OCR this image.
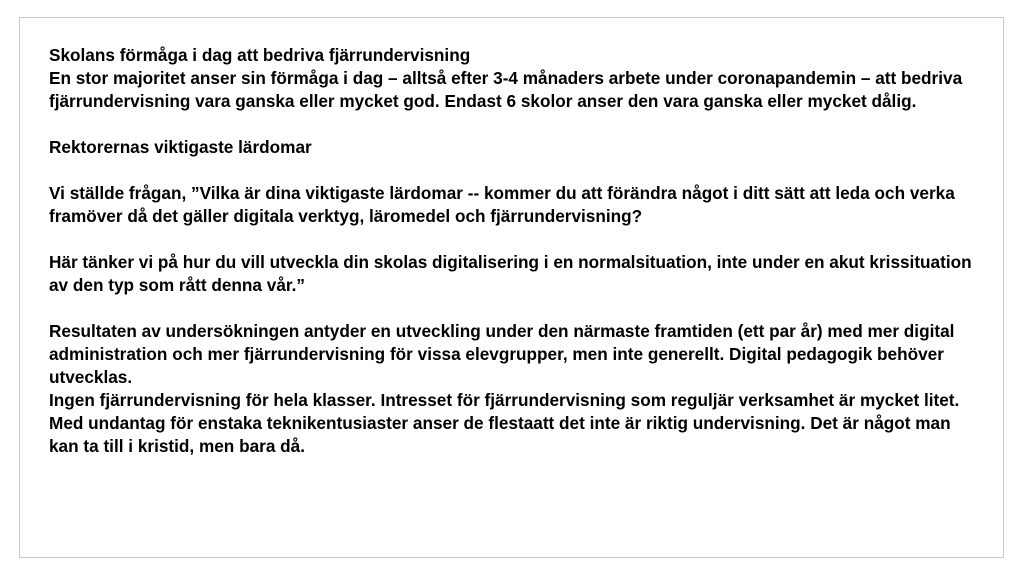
Skolans förmåga i dag att bedriva fjärrundervisning

En stor majoritet anser sin förmåga i dag – alltså efter 3-4 månaders arbete under coronapandemin – att bedriva fjärrundervisning vara ganska eller mycket god. Endast 6 skolor anser den vara ganska eller mycket dålig.

Rektorernas viktigaste lärdomar

Vi ställde frågan, ”Vilka är dina viktigaste lärdomar -- kommer du att förändra något i ditt sätt att leda och verka framöver då det gäller digitala verktyg, läromedel och fjärrundervisning?

Här tänker vi på hur du vill utveckla din skolas digitalisering i en normalsituation, inte under en akut krissituation av den typ som rått denna vår.”

Resultaten av undersökningen antyder en utveckling under den närmaste framtiden (ett par år) med mer digital administration och mer fjärrundervisning för vissa elevgrupper, men inte generellt. Digital pedagogik behöver utvecklas.

Ingen fjärrundervisning för hela klasser. Intresset för fjärrundervisning som reguljär verksamhet är mycket litet. Med undantag för enstaka teknikentusiaster anser de flestaatt det inte är riktig undervisning. Det är något man kan ta till i kristid, men bara då.
